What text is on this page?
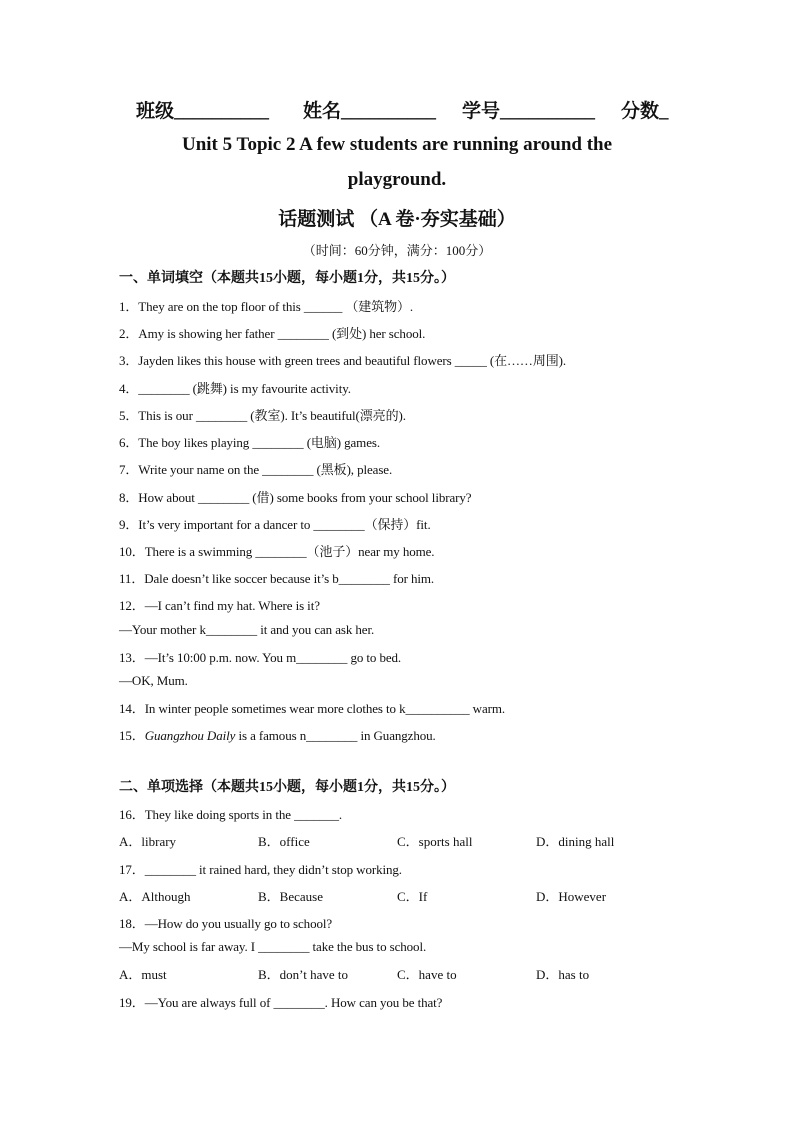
班级__________ 姓名__________ 学号__________ 分数_
Unit 5 Topic 2 A few students are running around the
playground.
话题测试 （A 卷·夯实基础）
（时间：60分钟，满分：100分）
一、单词填空（本题共15小题，每小题1分，共15分。）
1．They are on the top floor of this ______ （建筑物）.
2．Amy is showing her father ________ (到处) her school.
3．Jayden likes this house with green trees and beautiful flowers _____ (在……周围).
4．________ (跳舞) is my favourite activity.
5．This is our ________ (教室). It’s beautiful(漂亮的).
6．The boy likes playing ________ (电脑) games.
7．Write your name on the ________ (黑板), please.
8．How about ________ (借) some books from your school library?
9．It’s very important for a dancer to ________（保持）fit.
10．There is a swimming ________（池子）near my home.
11．Dale doesn’t like soccer because it’s b________ for him.
12．—I can’t find my hat. Where is it?
—Your mother k________ it and you can ask her.
13．—It’s 10:00 p.m. now. You m________ go to bed.
—OK, Mum.
14．In winter people sometimes wear more clothes to k__________ warm.
15．Guangzhou Daily is a famous n________ in Guangzhou.
二、单项选择（本题共15小题，每小题1分，共15分。）
16．They like doing sports in the _______.
A．library	B．office	C．sports hall	D．dining hall
17．________ it rained hard, they didn’t stop working.
A．Although	B．Because	C．If	D．However
18．—How do you usually go to school?
—My school is far away. I ________ take the bus to school.
A．must	B．don’t have to	C．have to	D．has to
19．—You are always full of ________. How can you be that?
